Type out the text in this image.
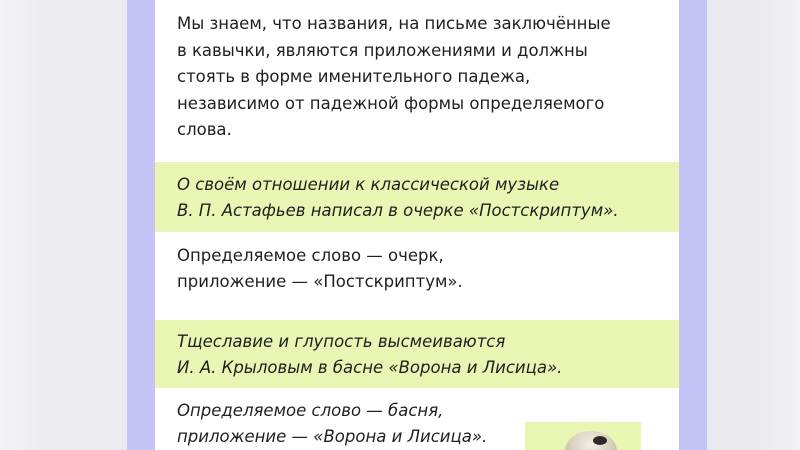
Мы знаем, что названия, на письме заключённые
в кавычки, являются приложениями и должны
стоять в форме именительного падежа,
независимо от падежной формы определяемого
слова.

О своём отношении к классической музыке
В. П. Астафьев написал в очерке «Постскриптум».

Определяемое слово — очерк,
приложение — «Постскриптум».

Тщеславие и глупость высмеиваются
И. А. Крыловым в басне «Ворона и Лисица».

Определяемое слово — басня,
приложение — «Ворона и Лисица».
